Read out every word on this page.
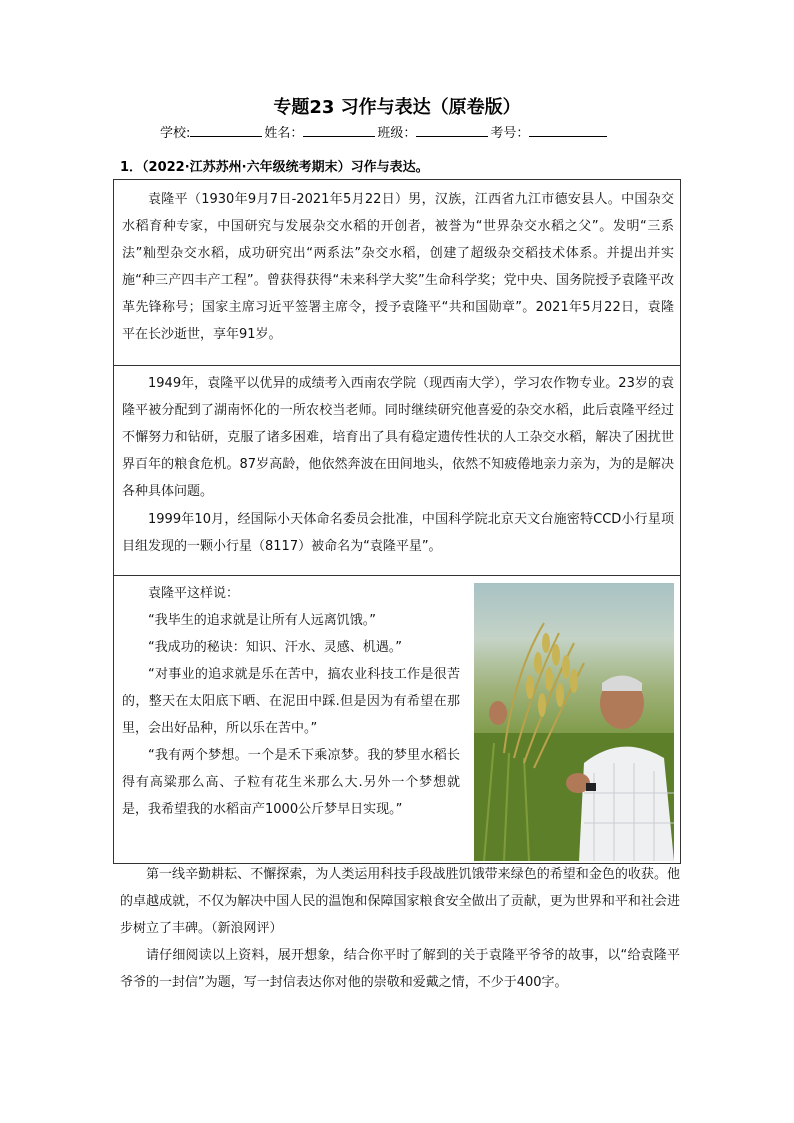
专题23 习作与表达（原卷版）
学校:	姓名：	班级：	考号：
1．（2022·江苏苏州·六年级统考期末）习作与表达。

袁隆平（1930年9月7日-2021年5月22日）男，汉族，江西省九江市德安县人。中国杂交水稻育种专家，中国研究与发展杂交水稻的开创者，被誉为“世界杂交水稻之父”。发明“三系法”籼型杂交水稻，成功研究出“两系法”杂交水稻，创建了超级杂交稻技术体系。并提出并实施“种三产四丰产工程”。曾获得获得“未来科学大奖”生命科学奖；党中央、国务院授予袁隆平改革先锋称号；国家主席习近平签署主席令，授予袁隆平“共和国勋章”。2021年5月22日，袁隆平在长沙逝世，享年91岁。

1949年，袁隆平以优异的成绩考入西南农学院（现西南大学），学习农作物专业。23岁的袁隆平被分配到了湖南怀化的一所农校当老师。同时继续研究他喜爱的杂交水稻，此后袁隆平经过不懈努力和钻研，克服了诸多困难，培育出了具有稳定遗传性状的人工杂交水稻，解决了困扰世界百年的粮食危机。87岁高龄，他依然奔波在田间地头，依然不知疲倦地亲力亲为，为的是解决各种具体问题。

1999年10月，经国际小天体命名委员会批准，中国科学院北京天文台施密特CCD小行星项目组发现的一颗小行星（8117）被命名为“袁隆平星”。

袁隆平这样说：

“我毕生的追求就是让所有人远离饥饿。”

“我成功的秘诀：知识、汗水、灵感、机遇。”

“对事业的追求就是乐在苦中，搞农业科技工作是很苦的，整天在太阳底下晒、在泥田中踩.但是因为有希望在那里，会出好品种，所以乐在苦中。”

“我有两个梦想。一个是禾下乘凉梦。我的梦里水稻长得有高粱那么高、子粒有花生米那么大.另外一个梦想就是，我希望我的水稻亩产1000公斤梦早日实现。”

第一线辛勤耕耘、不懈探索，为人类运用科技手段战胜饥饿带来绿色的希望和金色的收获。他的卓越成就，不仅为解决中国人民的温饱和保障国家粮食安全做出了贡献，更为世界和平和社会进步树立了丰碑。（新浪网评）

请仔细阅读以上资料，展开想象，结合你平时了解到的关于袁隆平爷爷的故事，以“给袁隆平爷爷的一封信”为题，写一封信表达你对他的崇敬和爱戴之情，不少于400字。
